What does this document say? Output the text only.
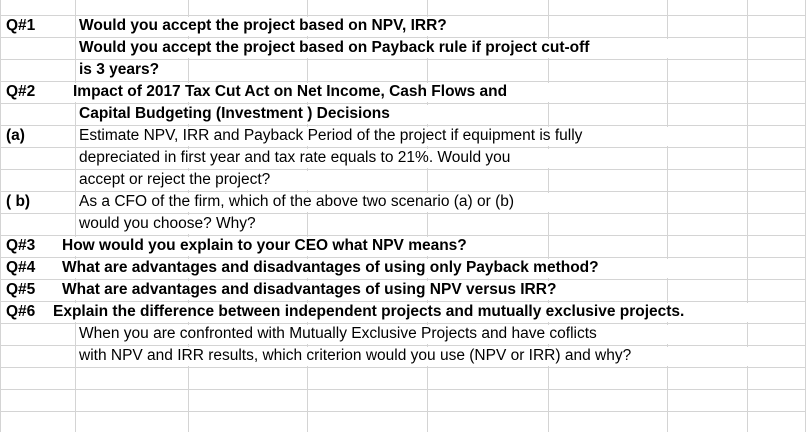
Q#1	Would you accept the project based on NPV, IRR?
Would you accept the project based on Payback rule if project cut-off
is 3 years?
Q#2 Impact of 2017 Tax Cut Act on Net Income, Cash Flows and
Capital Budgeting (Investment ) Decisions
(a)	Estimate NPV, IRR and Payback Period of the project if equipment is fully
depreciated in first year and tax rate equals to 21%. Would you
accept or reject the project?
( b)	As a CFO of the firm, which of the above two scenario (a) or (b)
would you choose? Why?
Q#3 How would you explain to your CEO what NPV means?
Q#4 What are advantages and disadvantages of using only Payback method?
Q#5 What are advantages and disadvantages of using NPV versus IRR?
Q#6 Explain the difference between independent projects and mutually exclusive projects.
When you are confronted with Mutually Exclusive Projects and have coflicts
with NPV and IRR results, which criterion would you use (NPV or IRR) and why?
